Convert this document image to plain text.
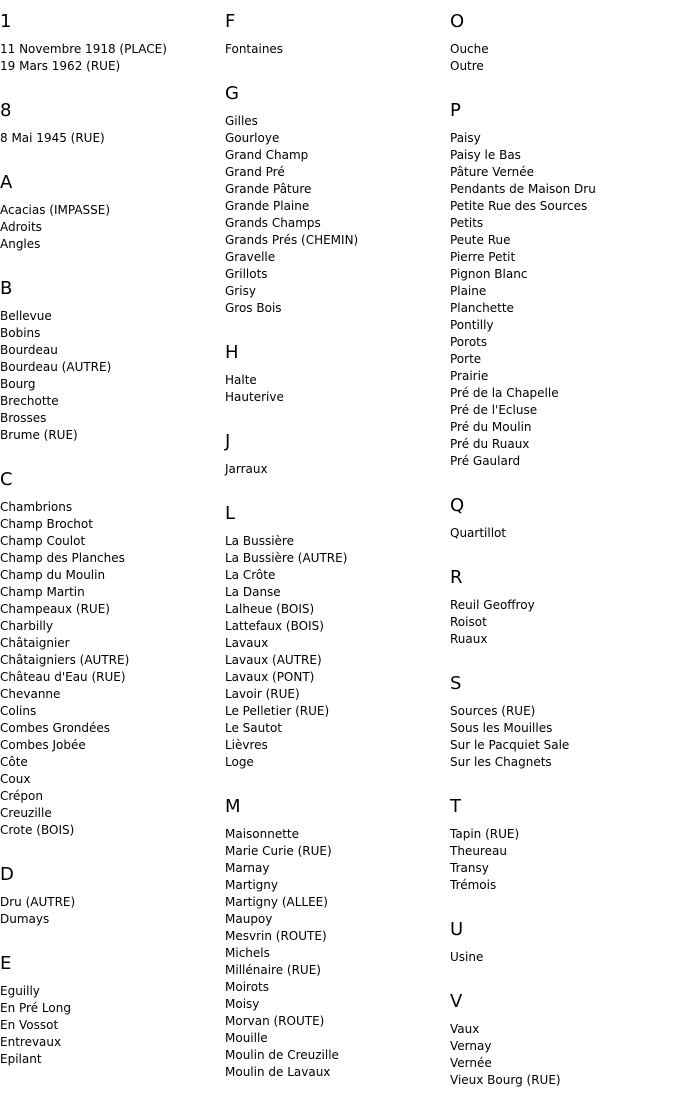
1
11 Novembre 1918 (PLACE)
19 Mars 1962 (RUE)
8
8 Mai 1945 (RUE)
A
Acacias (IMPASSE)
Adroits
Angles
B
Bellevue
Bobins
Bourdeau
Bourdeau (AUTRE)
Bourg
Brechotte
Brosses
Brume (RUE)
C
Chambrions
Champ Brochot
Champ Coulot
Champ des Planches
Champ du Moulin
Champ Martin
Champeaux (RUE)
Charbilly
Châtaignier
Châtaigniers (AUTRE)
Château d'Eau (RUE)
Chevanne
Colins
Combes Grondées
Combes Jobée
Côte
Coux
Crépon
Creuzille
Crote (BOIS)
D
Dru (AUTRE)
Dumays
E
Eguilly
En Pré Long
En Vossot
Entrevaux
Epilant
F
Fontaines
G
Gilles
Gourloye
Grand Champ
Grand Pré
Grande Pâture
Grande Plaine
Grands Champs
Grands Prés (CHEMIN)
Gravelle
Grillots
Grisy
Gros Bois
H
Halte
Hauterive
J
Jarraux
L
La Bussière
La Bussière (AUTRE)
La Crôte
La Danse
Lalheue (BOIS)
Lattefaux (BOIS)
Lavaux
Lavaux (AUTRE)
Lavaux (PONT)
Lavoir (RUE)
Le Pelletier (RUE)
Le Sautot
Lièvres
Loge
M
Maisonnette
Marie Curie (RUE)
Marnay
Martigny
Martigny (ALLEE)
Maupoy
Mesvrin (ROUTE)
Michels
Millénaire (RUE)
Moirots
Moisy
Morvan (ROUTE)
Mouille
Moulin de Creuzille
Moulin de Lavaux
O
Ouche
Outre
P
Paisy
Paisy le Bas
Pâture Vernée
Pendants de Maison Dru
Petite Rue des Sources
Petits
Peute Rue
Pierre Petit
Pignon Blanc
Plaine
Planchette
Pontilly
Porots
Porte
Prairie
Pré de la Chapelle
Pré de l'Ecluse
Pré du Moulin
Pré du Ruaux
Pré Gaulard
Q
Quartillot
R
Reuil Geoffroy
Roisot
Ruaux
S
Sources (RUE)
Sous les Mouilles
Sur le Pacquiet Sale
Sur les Chagnets
T
Tapin (RUE)
Theureau
Transy
Trémois
U
Usine
V
Vaux
Vernay
Vernée
Vieux Bourg (RUE)
